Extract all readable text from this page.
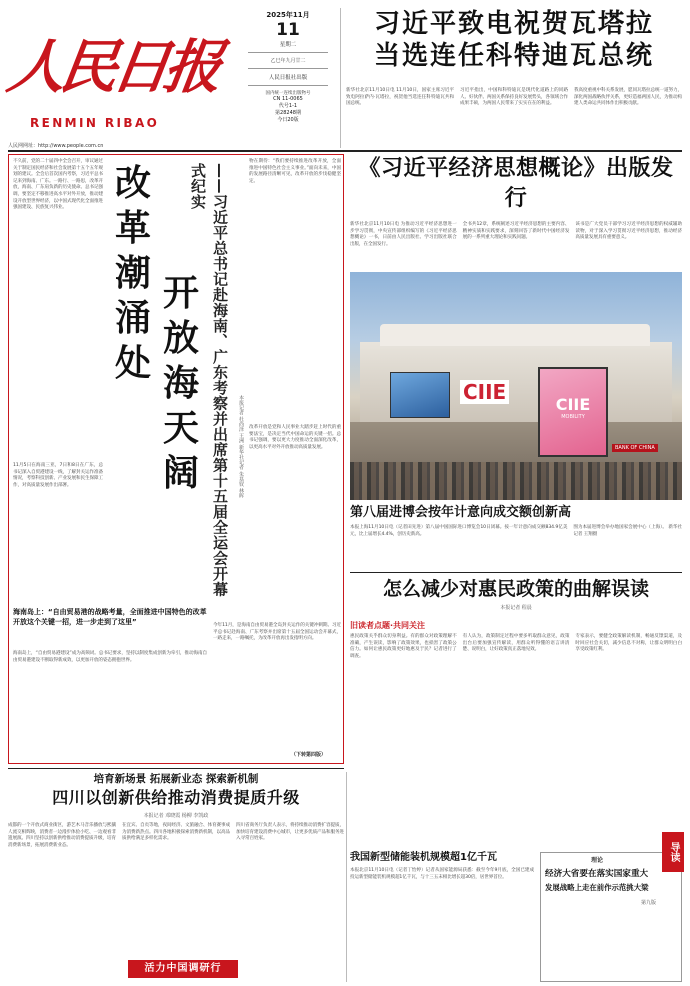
人民日报
RENMIN RIBAO
人民网网址：http://www.people.com.cn
2025年11月
11
星期二
乙巳年九月廿二
人民日报社出版
国内统一连续出版物号
CN 11-0065
代号1-1
第28248期
今日20版
习近平致电祝贺瓦塔拉
当选连任科特迪瓦总统
新华社北京11月10日电 11月10日，国家主席习近平致电阿拉萨内·瓦塔拉，祝贺他当选连任科特迪瓦共和国总统。
习近平指出，中国和科特迪瓦是现代化道路上的同路人、好伙伴。两国关系保持良好发展势头，各领域合作成果丰硕，为两国人民带来了实实在在的利益。
我高度重视中科关系发展，愿同瓦塔拉总统一道努力，深化两国战略伙伴关系，更好造福两国人民，为推动构建人类命运共同体作出积极贡献。
不久前，党的二十届四中全会召开，审议通过关于制定国民经济和社会发展第十五个五年规划的建议。全会后首次国内考察，习近平总书记来到海南、广东。一路行、一路思，改革开放，海南、广东肩负新的历史使命。总书记强调，要坚定不移推进高水平对外开放，推动建设开放型世界经济，以中国式现代化全面推进强国建设、民族复兴伟业。
改
革
潮
涌
处
开
放
海
天
阔 ——习近平总书记赴海南、广东考察并出席第十五届全运会开幕式纪实
本报记者 杜尚泽 王洲 新华社记者 朱基钗 林晖
物在期待：“我们要持续推进改革开放，全面推进中国特色社会主义事业。”面向未来，中国的发展路径清晰可见，改革开放的步伐稳健坚定。
改革开放是党和人民事业大踏步赶上时代的重要法宝，是决定当代中国命运的关键一招。总书记强调，要以更大力度推动全面深化改革，以更高水平对外开放推动高质量发展。
11月5日在海南三亚，7日和8日在广东，总书记深入自贸港建设一线，了解封关运作准备情况，考察科技创新、产业发展和民生保障工作，对高质量发展作出部署。
海南岛上：“自由贸易港的战略考量，全面推进中国特色的改革开放这个关键一招，进一步走到了这里”
海南岛上，“自由贸易港建设”成为高频词。总书记要求，坚持以制度集成创新为牵引，推动海南自由贸易港建设不断取得新成效，以更加开放的姿态拥抱世界。
今年11月，是海南自由贸易港全岛封关运作的关键冲刺期。习近平总书记赴海南、广东考察并出席第十五届全国运动会开幕式，一路走来，一路嘱托，为改革开放再出发指明方向。
（下转第四版）
《习近平经济思想概论》出版发行
新华社北京11月10日电 为推动习近平经济思想进一步学习贯彻，中央宣传部组织编写的《习近平经济思想概论》一书，日前由人民出版社、学习出版社联合出版，在全国发行。
全书共12章，系统阐述习近平经济思想的主要内容、精神实质和实践要求，深刻回答了新时代中国经济发展的一系列重大理论和实践问题。
该书是广大党员干部学习习近平经济思想的权威辅助读物，对于深入学习贯彻习近平经济思想，推动经济高质量发展具有重要意义。
CIIE
MOBILITY
CIIE
BANK OF CHINA
第八届进博会按年计意向成交额创新高
本报上海11月10日电（记者田先进）第八届中国国际进口博览会10日闭幕。按一年计意向成交额834.9亿美元，比上届增长4.4%，创历史新高。
图为本届进博会举办地国家会展中心（上海）。 新华社记者 王翔摄
怎么减少对惠民政策的曲解误读
本报记者 程晨
旧读者点题·共同关注
惠民政策关乎群众切身利益。有的群众对政策理解不准确，产生误读，影响了政策效果，也损害了政策公信力。如何让惠民政策更好地惠及于民？记者进行了调查。
有人认为，政策制定过程中要多听取群众意见，政策出台后要加强宣传解读，用群众听得懂的语言讲清楚、说明白，让好政策真正落地见效。
专家表示，要健全政策解读机制，畅通反馈渠道，及时回应社会关切，减少信息不对称，让群众明明白白享受政策红利。
培育新场景 拓展新业态 探索新机制
四川以创新供给推动消费提质升级
本报记者 邓晓霞 杨柳 李凯政
成都的一个开放式商业街区，游艺木马音乐播放与熙攘人流交相辉映，消费者一边漫步体验小吃、一边观看非遗展演。四川坚持以创新供给推动消费提质升级，培育消费新场景，拓展消费新业态。
在宜宾、自贡等地，夜间经济、文旅融合、体育赛事成为消费新热点。四川各地积极探索消费新机制，以高品质供给满足多样化需求。
四川省商务厅负责人表示，将持续推动消费扩容提质，加快培育建设消费中心城市，让更多优质产品和服务进入寻常百姓家。
活力中国调研行
我国新型储能装机规模超1亿千瓦
本报北京11月10日电（记者丁怡婷）记者从国家能源局获悉：截至今年9月底，全国已建成投运新型储能装机规模超1亿千瓦，与十三五末相比增长超30倍，居世界首位。
理论
经济大省要在落实国家重大
发展战略上走在前作示范挑大梁
第九版
导读
